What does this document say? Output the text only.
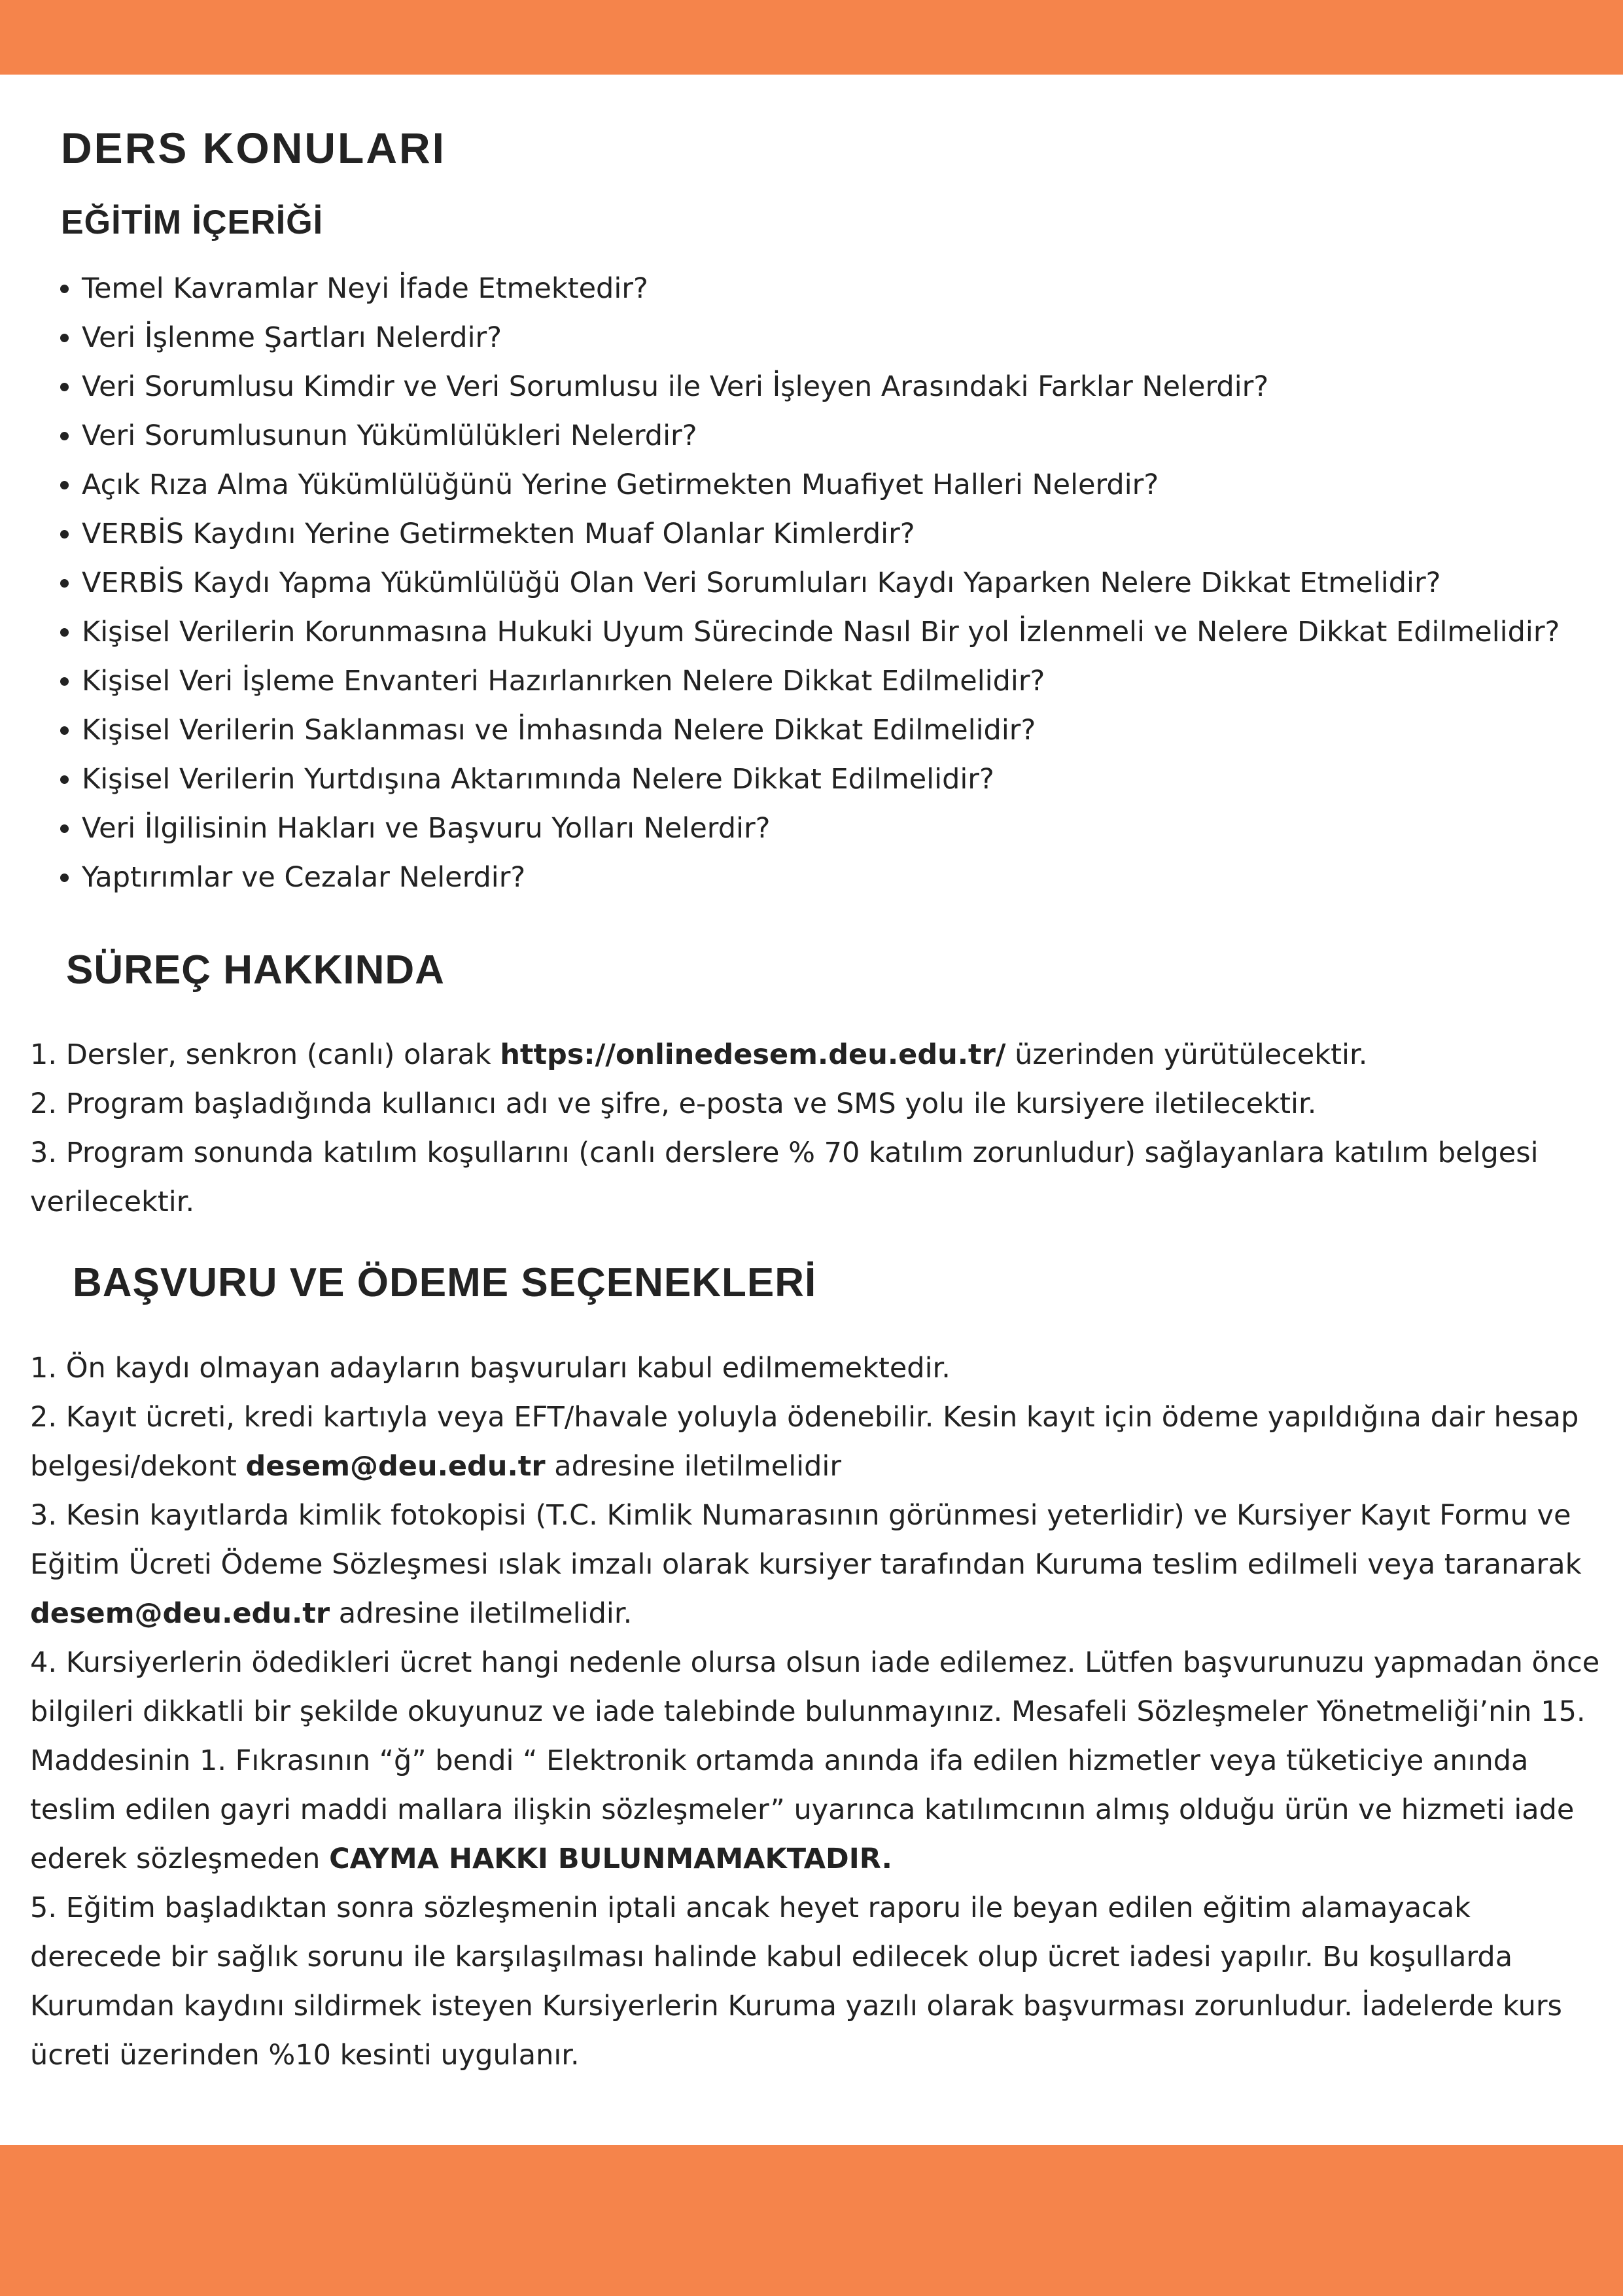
DERS KONULARI
EĞİTİM İÇERİĞİ
• Temel Kavramlar Neyi İfade Etmektedir?
• Veri İşlenme Şartları Nelerdir?
• Veri Sorumlusu Kimdir ve Veri Sorumlusu ile Veri İşleyen Arasındaki Farklar Nelerdir?
• Veri Sorumlusunun Yükümlülükleri Nelerdir?
• Açık Rıza Alma Yükümlülüğünü Yerine Getirmekten Muafiyet Halleri Nelerdir?
• VERBİS Kaydını Yerine Getirmekten Muaf Olanlar Kimlerdir?
• VERBİS Kaydı Yapma Yükümlülüğü Olan Veri Sorumluları Kaydı Yaparken Nelere Dikkat Etmelidir?
• Kişisel Verilerin Korunmasına Hukuki Uyum Sürecinde Nasıl Bir yol İzlenmeli ve Nelere Dikkat Edilmelidir?
• Kişisel Veri İşleme Envanteri Hazırlanırken Nelere Dikkat Edilmelidir?
• Kişisel Verilerin Saklanması ve İmhasında Nelere Dikkat Edilmelidir?
• Kişisel Verilerin Yurtdışına Aktarımında Nelere Dikkat Edilmelidir?
• Veri İlgilisinin Hakları ve Başvuru Yolları Nelerdir?
• Yaptırımlar ve Cezalar Nelerdir?
SÜREÇ HAKKINDA

1. Dersler, senkron (canlı) olarak https://onlinedesem.deu.edu.tr/ üzerinden yürütülecektir.

2. Program başladığında kullanıcı adı ve şifre, e-posta ve SMS yolu ile kursiyere iletilecektir.

3. Program sonunda katılım koşullarını (canlı derslere % 70 katılım zorunludur) sağlayanlara katılım belgesi verilecektir.

BAŞVURU VE ÖDEME SEÇENEKLERİ

1. Ön kaydı olmayan adayların başvuruları kabul edilmemektedir.

2. Kayıt ücreti, kredi kartıyla veya EFT/havale yoluyla ödenebilir. Kesin kayıt için ödeme yapıldığına dair hesap belgesi/dekont desem@deu.edu.tr adresine iletilmelidir

3. Kesin kayıtlarda kimlik fotokopisi (T.C. Kimlik Numarasının görünmesi yeterlidir) ve Kursiyer Kayıt Formu ve Eğitim Ücreti Ödeme Sözleşmesi ıslak imzalı olarak kursiyer tarafından Kuruma teslim edilmeli veya taranarak desem@deu.edu.tr adresine iletilmelidir.

4. Kursiyerlerin ödedikleri ücret hangi nedenle olursa olsun iade edilemez. Lütfen başvurunuzu yapmadan önce bilgileri dikkatli bir şekilde okuyunuz ve iade talebinde bulunmayınız. Mesafeli Sözleşmeler Yönetmeliği’nin 15. Maddesinin 1. Fıkrasının “ğ” bendi “ Elektronik ortamda anında ifa edilen hizmetler veya tüketiciye anında teslim edilen gayri maddi mallara ilişkin sözleşmeler” uyarınca katılımcının almış olduğu ürün ve hizmeti iade ederek sözleşmeden CAYMA HAKKI BULUNMAMAKTADIR.

5. Eğitim başladıktan sonra sözleşmenin iptali ancak heyet raporu ile beyan edilen eğitim alamayacak derecede bir sağlık sorunu ile karşılaşılması halinde kabul edilecek olup ücret iadesi yapılır. Bu koşullarda Kurumdan kaydını sildirmek isteyen Kursiyerlerin Kuruma yazılı olarak başvurması zorunludur. İadelerde kurs ücreti üzerinden %10 kesinti uygulanır.
